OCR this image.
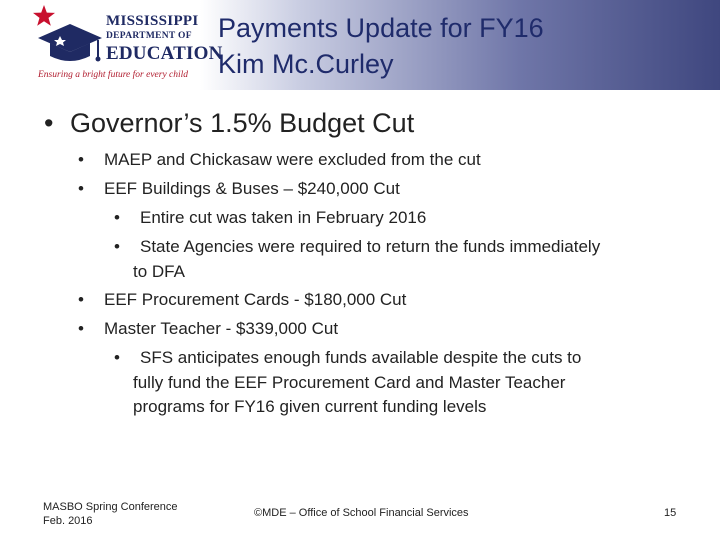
MISSISSIPPI
DEPARTMENT OF
EDUCATION
Ensuring a bright future for every child
Payments Update for FY16
Kim Mc.Curley
• Governor’s 1.5% Budget Cut
• MAEP and Chickasaw were excluded from the cut
• EEF Buildings & Buses – $240,000 Cut
• Entire cut was taken in February 2016
• State Agencies were required to return the funds immediately
to DFA
• EEF Procurement Cards - $180,000 Cut
• Master Teacher - $339,000 Cut
• SFS anticipates enough funds available despite the cuts to
fully fund the EEF Procurement Card and Master Teacher
programs for FY16 given current funding levels
MASBO Spring Conference
Feb. 2016
©MDE – Office of School Financial Services	15
